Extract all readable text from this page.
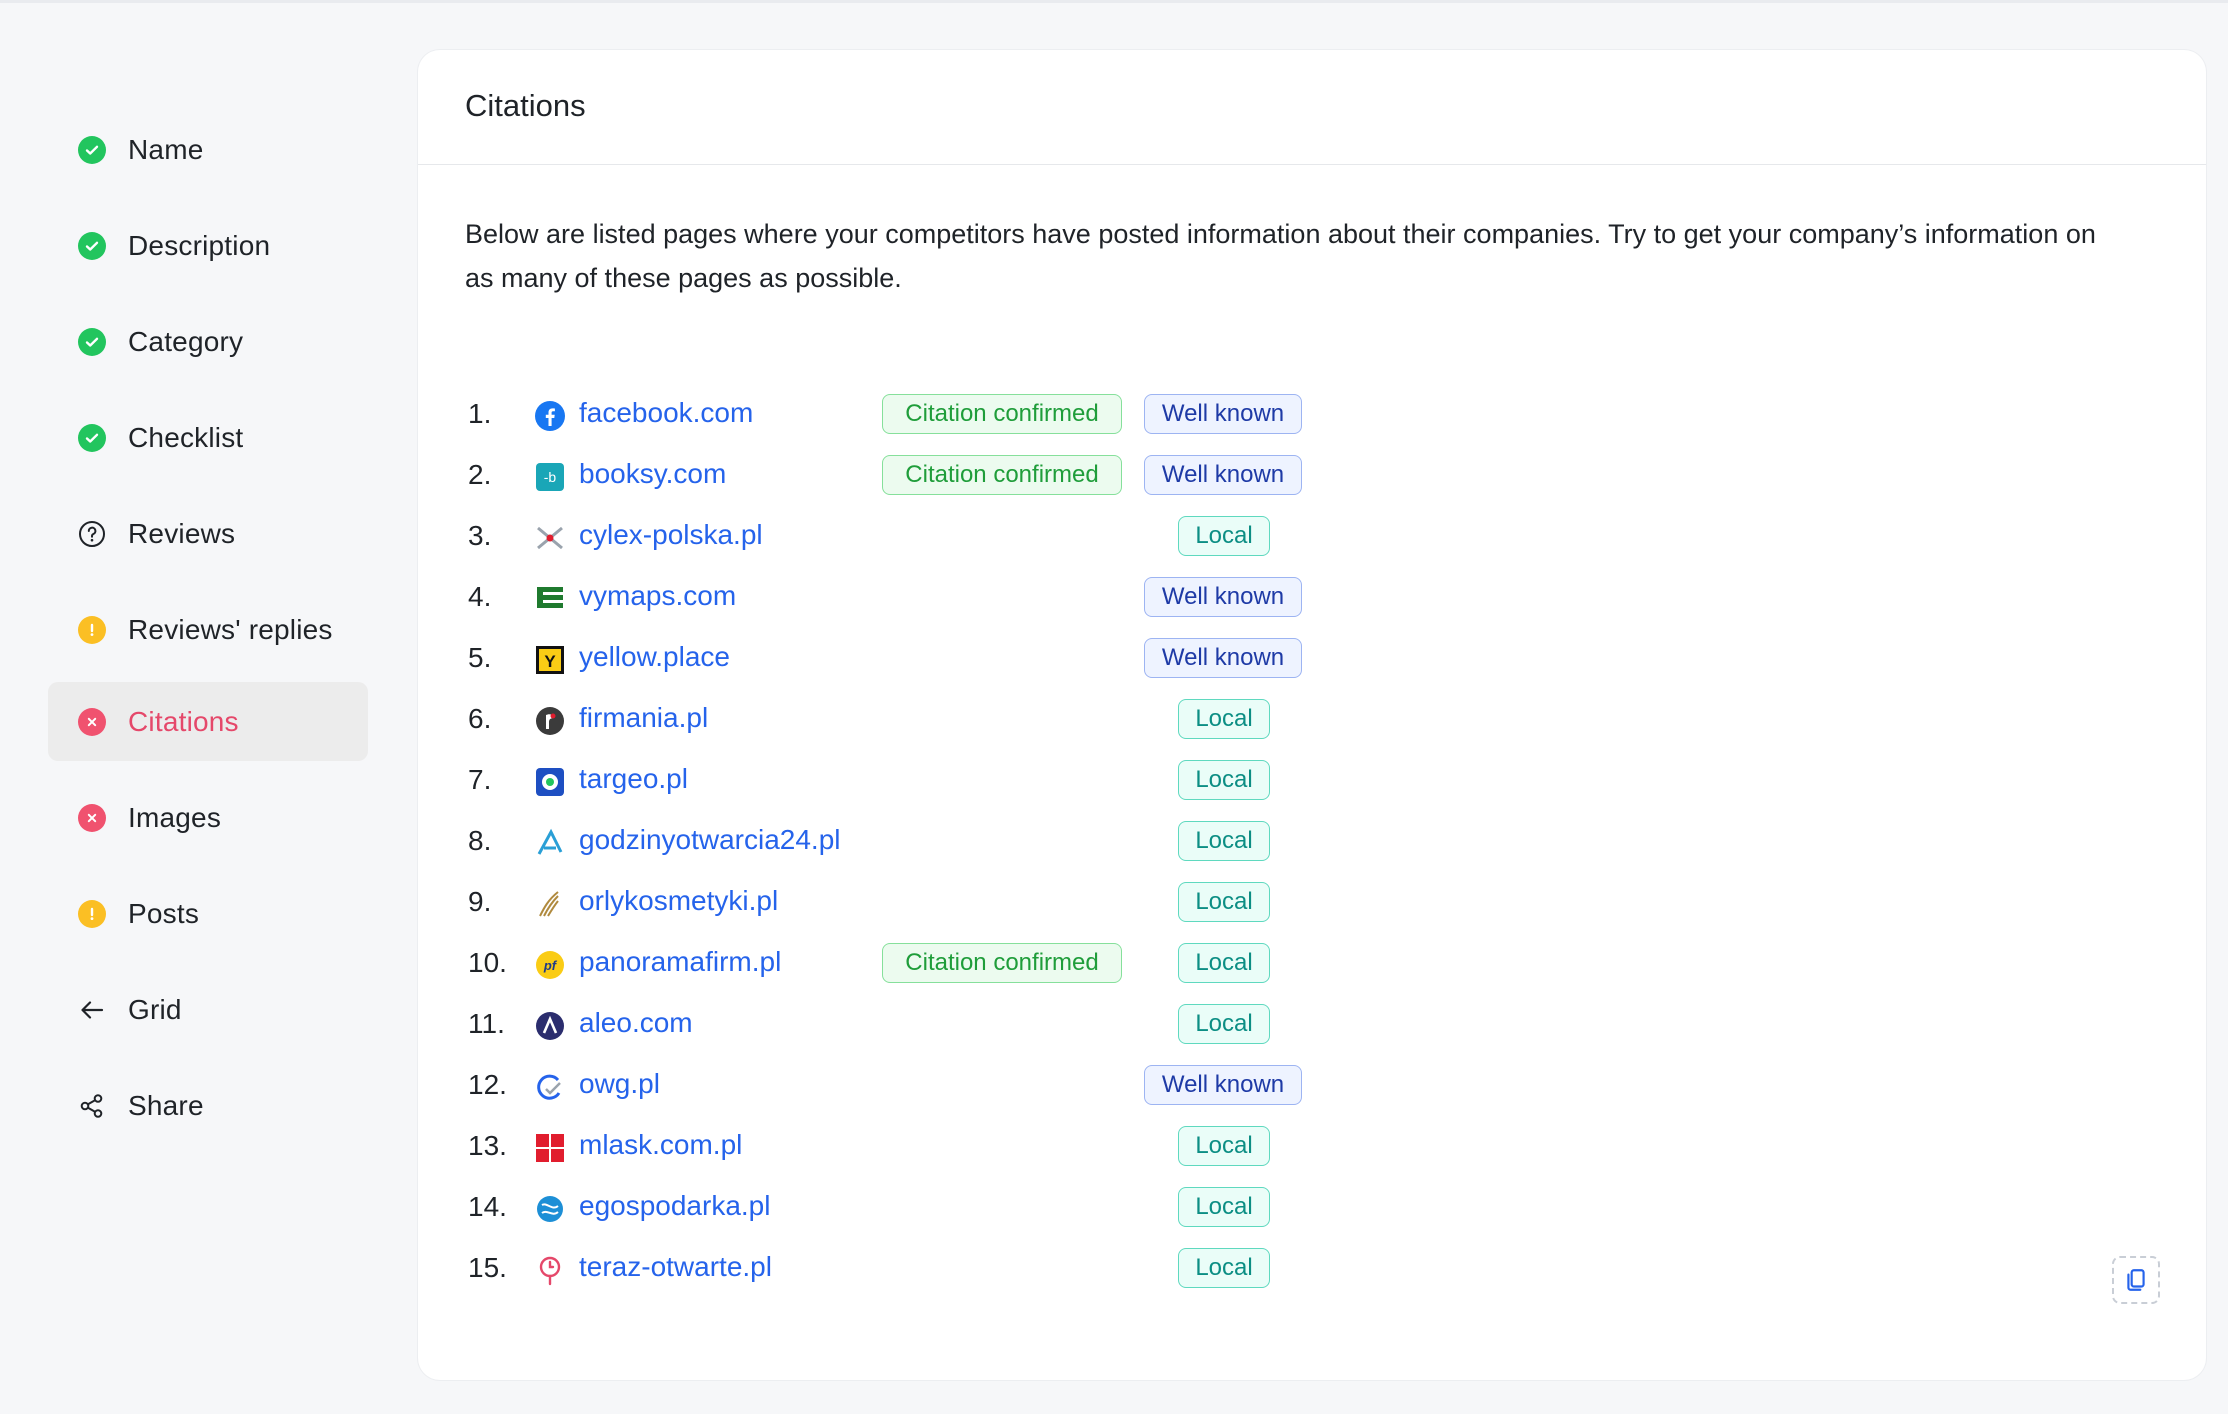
Name
Description
Category
Checklist
Reviews
Reviews' replies
Citations
Images
Posts
Grid
Share
Citations
Below are listed pages where your competitors have posted information about their companies. Try to get your company’s information on as many of these pages as possible.
1.	facebook.com	Citation confirmed	Well known
2.	-b booksy.com	Citation confirmed	Well known
3.	cylex-polska.pl	Local
4.	vymaps.com	Well known
5.	Y yellow.place	Well known
6.	firmania.pl	Local
7.	targeo.pl	Local
8.	godzinyotwarcia24.pl	Local
9.	orlykosmetyki.pl	Local
10.	pf panoramafirm.pl	Citation confirmed	Local
11.	aleo.com	Local
12.	owg.pl	Well known
13.	mlask.com.pl	Local
14.	egospodarka.pl	Local
15.	teraz-otwarte.pl	Local
